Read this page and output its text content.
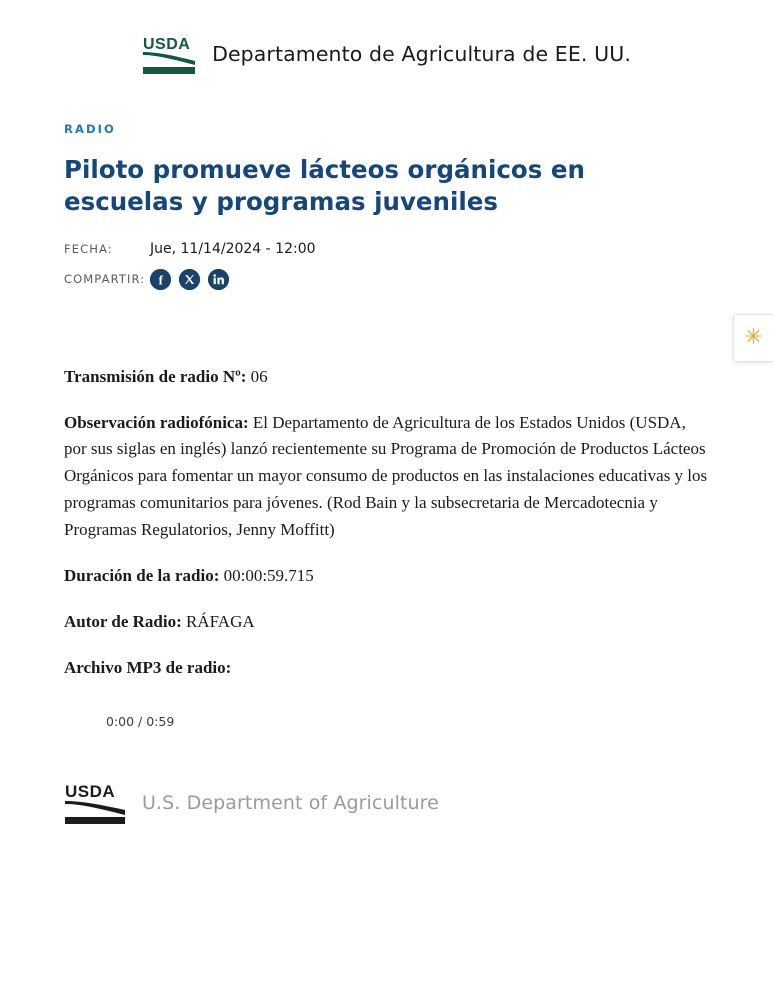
USDA Departamento de Agricultura de EE. UU.
RADIO
Piloto promueve lácteos orgánicos en escuelas y programas juveniles
FECHA:	Jue, 11/14/2024 - 12:00
COMPARTIR:	f

Transmisión de radio Nº: 06

Observación radiofónica: El Departamento de Agricultura de los Estados Unidos (USDA, por sus siglas en inglés) lanzó recientemente su Programa de Promoción de Productos Lácteos Orgánicos para fomentar un mayor consumo de productos en las instalaciones educativas y los programas comunitarios para jóvenes. (Rod Bain y la subsecretaria de Mercadotecnia y Programas Regulatorios, Jenny Moffitt)

Duración de la radio: 00:00:59.715

Autor de Radio: RÁFAGA

Archivo MP3 de radio:

0:00 / 0:59
USDA
U.S. Department of Agriculture
✳
